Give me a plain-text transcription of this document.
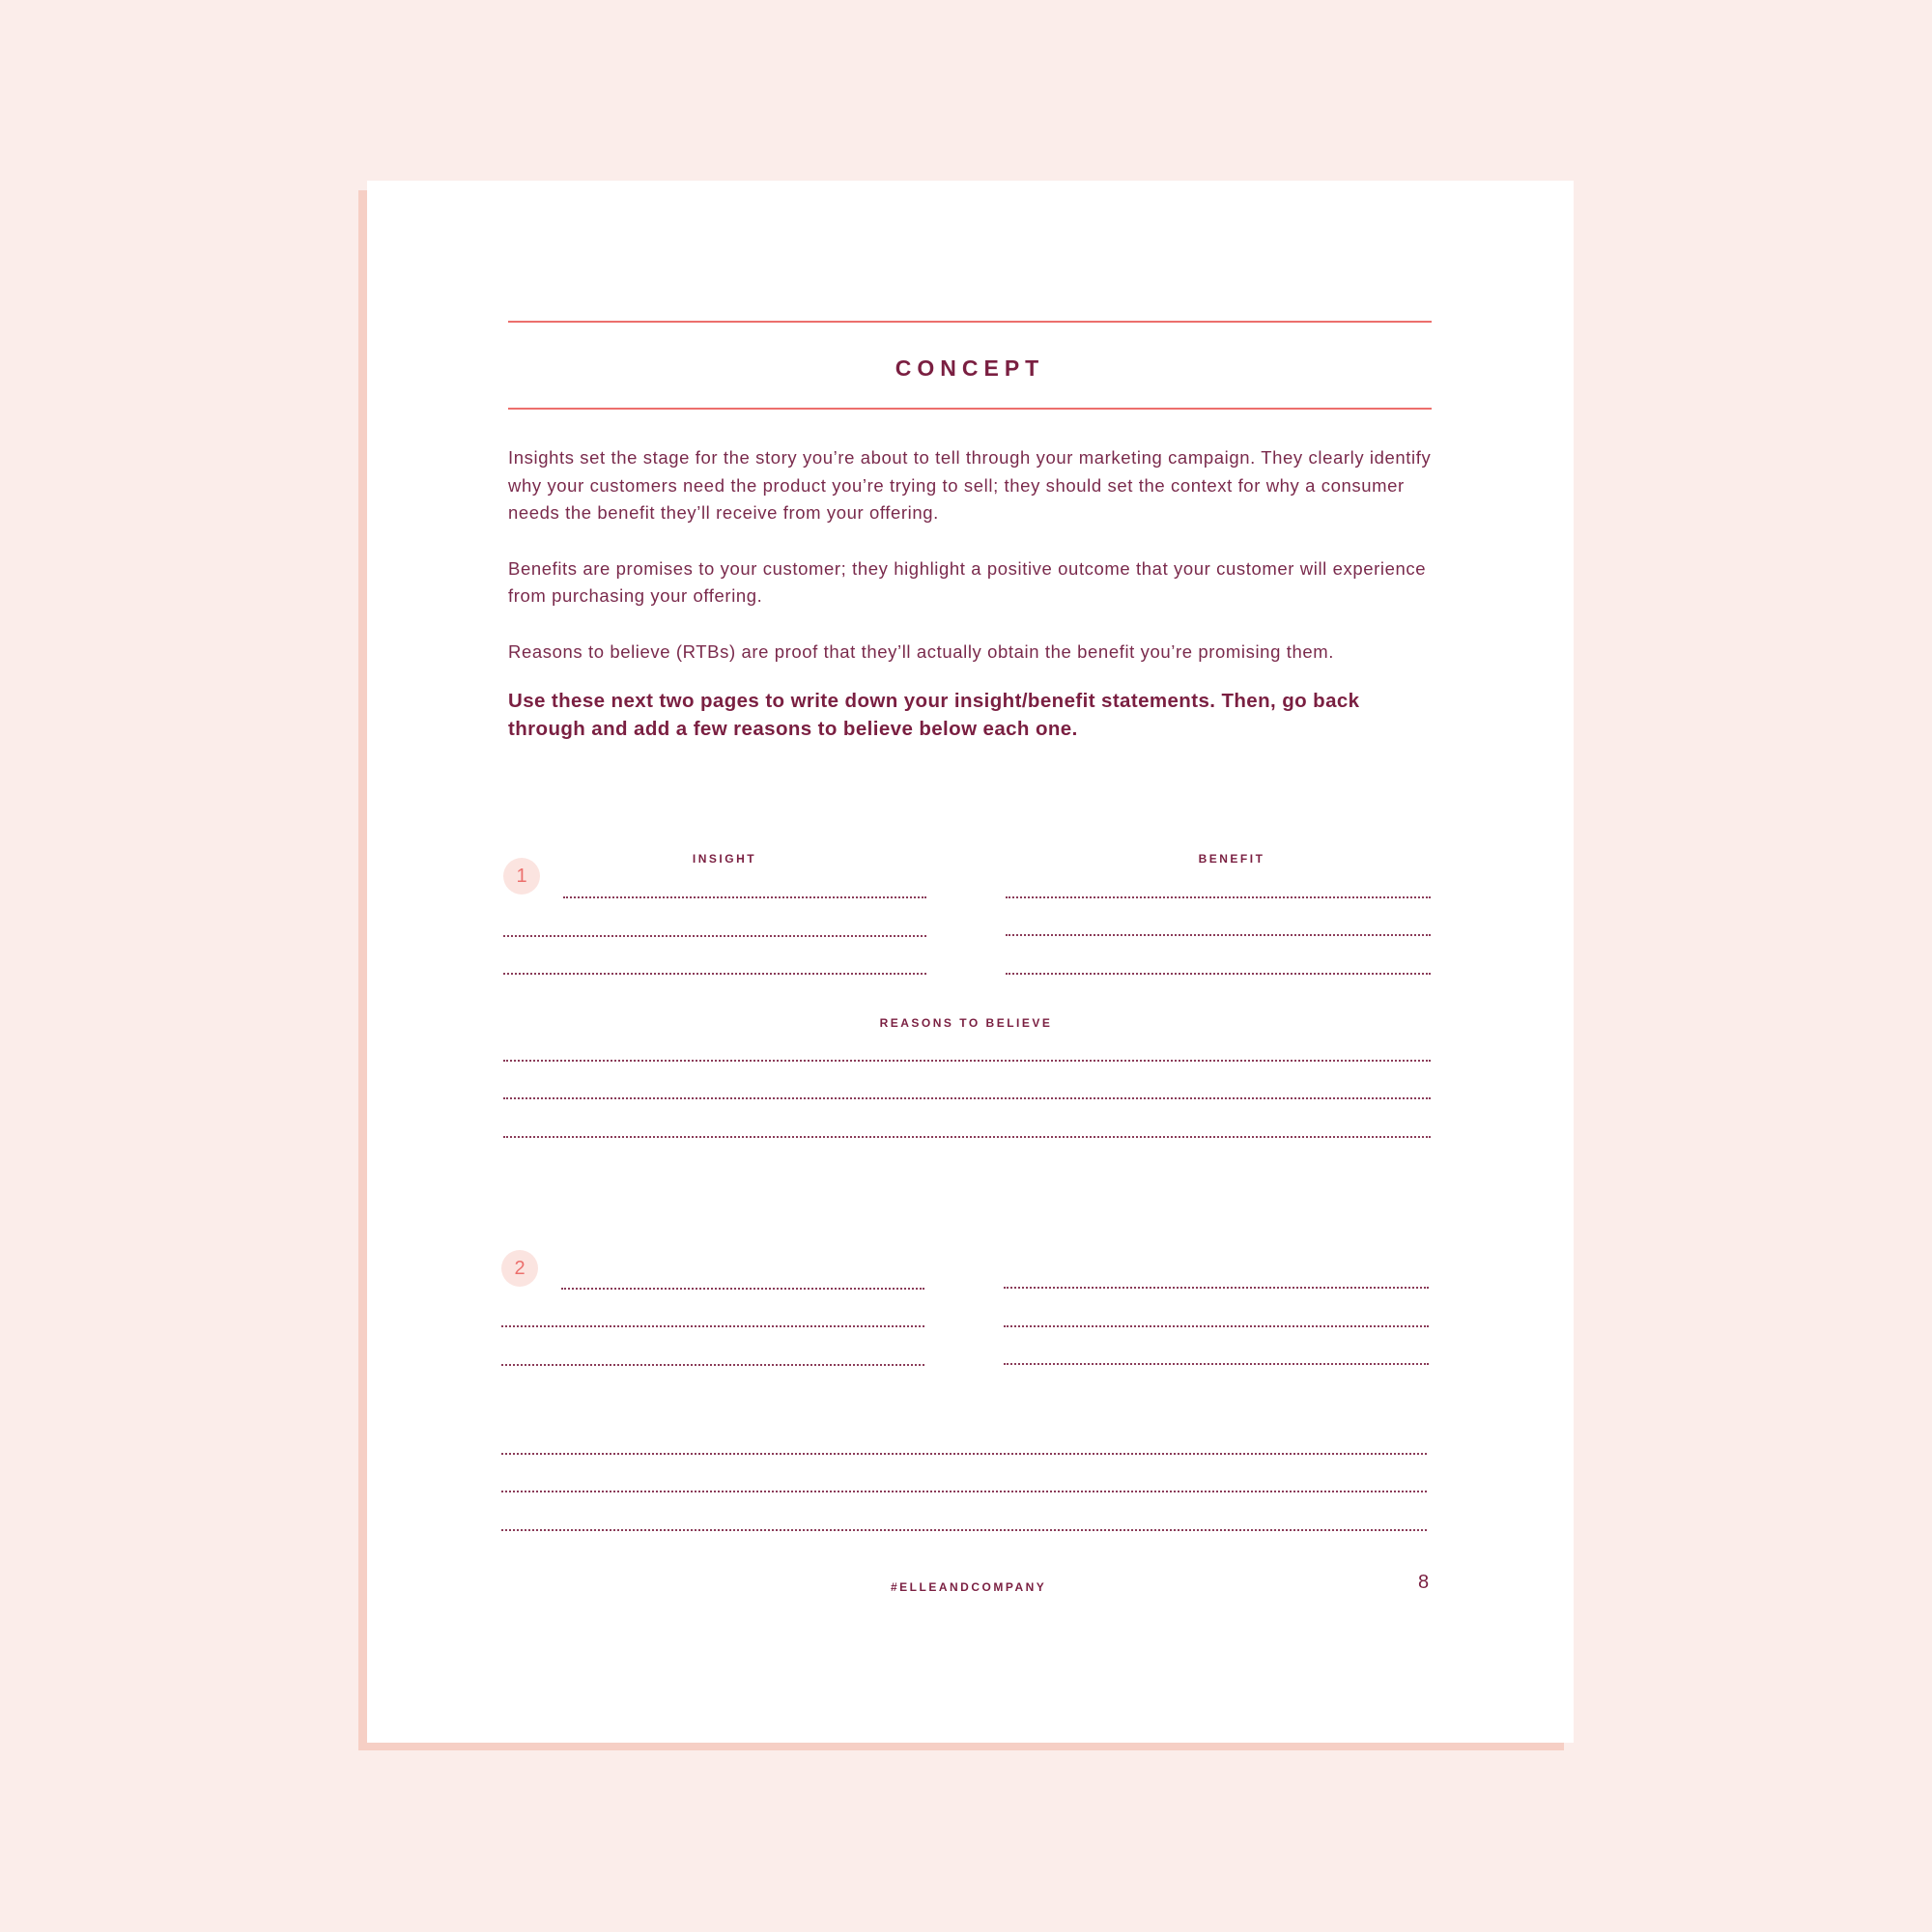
CONCEPT

Insights set the stage for the story you’re about to tell through your marketing campaign. They clearly identify why your customers need the product you’re trying to sell; they should set the context for why a consumer needs the benefit they’ll receive from your offering.

Benefits are promises to your customer; they highlight a positive outcome that your customer will experience from purchasing your offering.

Reasons to believe (RTBs) are proof that they’ll actually obtain the benefit you’re promising them.

Use these next two pages to write down your insight/benefit statements. Then, go back through and add a few reasons to believe below each one.

INSIGHT	BENEFIT
1
REASONS TO BELIEVE
2
#ELLEANDCOMPANY	8
